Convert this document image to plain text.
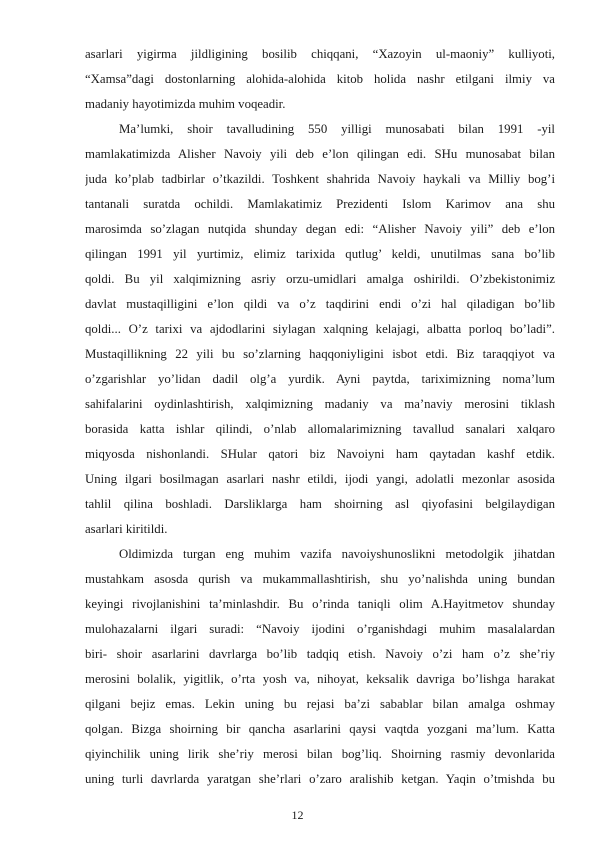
asarlari yigirma jildligining bosilib chiqqani, “Xazoyin ul-maoniy” kulliyoti,
“Xamsa”dagi dostonlarning alohida-alohida kitob holida nashr etilgani ilmiy va
madaniy hayotimizda muhim voqeadir.
Ma’lumki, shoir tavalludining 550 yilligi munosabati bilan 1991 -yil
mamlakatimizda Alisher Navoiy yili deb e’lon qilingan edi. SHu munosabat bilan
juda ko’plab tadbirlar o’tkazildi. Toshkent shahrida Navoiy haykali va Milliy bog’i
tantanali suratda ochildi. Mamlakatimiz Prezidenti Islom Karimov ana shu
marosimda so’zlagan nutqida shunday degan edi: “Alisher Navoiy yili” deb e’lon
qilingan 1991 yil yurtimiz, elimiz tarixida qutlug’ keldi, unutilmas sana bo’lib
qoldi. Bu yil xalqimizning asriy orzu-umidlari amalga oshirildi. O’zbekistonimiz
davlat mustaqilligini e’lon qildi va o’z taqdirini endi o’zi hal qiladigan bo’lib
qoldi... O’z tarixi va ajdodlarini siylagan xalqning kelajagi, albatta porloq bo’ladi”.
Mustaqillikning 22 yili bu so’zlarning haqqoniyligini isbot etdi. Biz taraqqiyot va
o’zgarishlar yo’lidan dadil olg’a yurdik. Ayni paytda, tariximizning noma’lum
sahifalarini oydinlashtirish, xalqimizning madaniy va ma’naviy merosini tiklash
borasida katta ishlar qilindi, o’nlab allomalarimizning tavallud sanalari xalqaro
miqyosda nishonlandi. SHular qatori biz Navoiyni ham qaytadan kashf etdik.
Uning ilgari bosilmagan asarlari nashr etildi, ijodi yangi, adolatli mezonlar asosida
tahlil qilina boshladi. Darsliklarga ham shoirning asl qiyofasini belgilaydigan
asarlari kiritildi.
Oldimizda turgan eng muhim vazifa navoiyshunoslikni metodolgik jihatdan
mustahkam asosda qurish va mukammallashtirish, shu yo’nalishda uning bundan
keyingi rivojlanishini ta’minlashdir. Bu o’rinda taniqli olim A.Hayitmetov shunday
mulohazalarni ilgari suradi: “Navoiy ijodini o’rganishdagi muhim masalalardan
biri- shoir asarlarini davrlarga bo’lib tadqiq etish. Navoiy o’zi ham o’z she’riy
merosini bolalik, yigitlik, o’rta yosh va, nihoyat, keksalik davriga bo’lishga harakat
qilgani bejiz emas. Lekin uning bu rejasi ba’zi sabablar bilan amalga oshmay
qolgan. Bizga shoirning bir qancha asarlarini qaysi vaqtda yozgani ma’lum. Katta
qiyinchilik uning lirik she’riy merosi bilan bog’liq. Shoirning rasmiy devonlarida
uning turli davrlarda yaratgan she’rlari o’zaro aralishib ketgan. Yaqin o’tmishda bu
12
